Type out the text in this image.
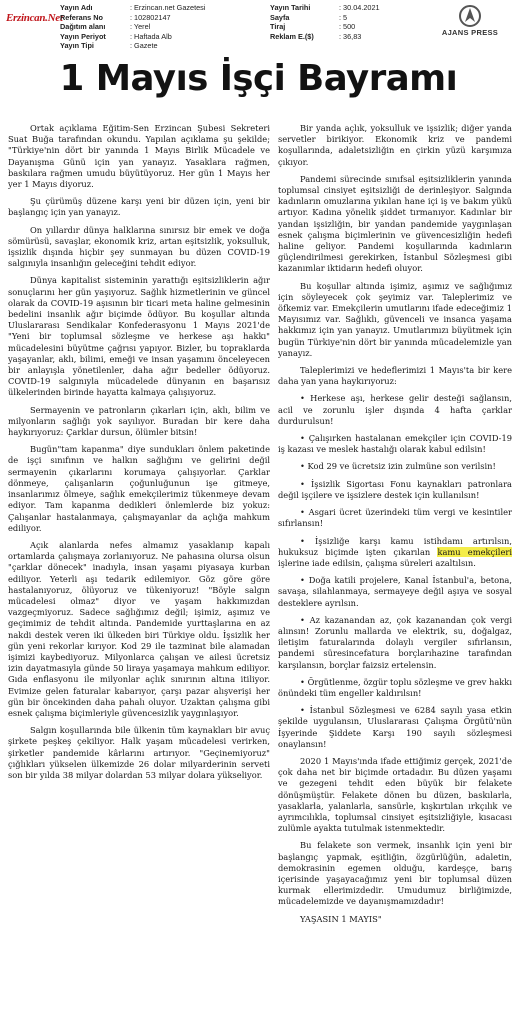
Erzincan.Net
Yayın Adı
Referans No
Dağıtım alanı
Yayın Periyot
Yayın Tipi
: Erzincan.net Gazetesi
: 102802147
: Yerel
: Haftada Alb
: Gazete
Yayın Tarihi
Sayfa
Tiraj
Reklam E.($)
: 30.04.2021
: 5
: 500
: 36,83	AJANS PRESS
1 Mayıs İşçi Bayramı

Ortak açıklama Eğitim-Sen Erzincan Şubesi Sekreteri Suat Buğa tarafından okundu. Yapılan açıklama şu şekilde; "Türkiye'nin dört bir yanında 1 Mayıs Birlik Mücadele ve Dayanışma Günü için yan yanayız. Yasaklara rağmen, baskılara rağmen umudu büyütüyoruz. Her gün 1 Mayıs her yer 1 Mayıs diyoruz.

Şu çürümüş düzene karşı yeni bir düzen için, yeni bir başlangıç için yan yanayız.

On yıllardır dünya halklarına sınırsız bir emek ve doğa sömürüsü, savaşlar, ekonomik kriz, artan eşitsizlik, yoksulluk, işsizlik dışında hiçbir şey sunmayan bu düzen COVID-19 salgınıyla insanlığın geleceğini tehdit ediyor.

Dünya kapitalist sisteminin yarattığı eşitsizliklerin ağır sonuçlarını her gün yaşıyoruz. Sağlık hizmetlerinin ve güncel olarak da COVID-19 aşısının bir ticari meta haline gelmesinin bedelini insanlık ağır biçimde ödüyor. Bu koşullar altında Uluslararası Sendikalar Konfederasyonu 1 Mayıs 2021'de "Yeni bir toplumsal sözleşme ve herkese aşı hakkı" mücadelesini büyütme çağrısı yapıyor. Bizler, bu topraklarda yaşayanlar, aklı, bilimi, emeği ve insan yaşamını önceleyecen bir anlayışla yönetilenler, daha ağır bedeller ödüyoruz. COVID-19 salgınıyla mücadelede dünyanın en başarısız ülkelerinden birinde hayatta kalmaya çalışıyoruz.

Sermayenin ve patronların çıkarları için, aklı, bilim ve milyonların sağlığı yok sayılıyor. Buradan bir kere daha haykırıyoruz: Çarklar dursun, ölümler bitsin!

Bugün"tam kapanma" diye sundukları önlem paketinde de işçi sınıfının ve halkın sağlığını ve gelirini değil sermayenin çıkarlarını korumaya çalışıyorlar. Çarklar dönmeye, çalışanların çoğunluğunun işe gitmeye, insanlarımız ölmeye, sağlık emekçilerimiz tükenmeye devam ediyor. Tam kapanma dedikleri önlemlerde biz yokuz: Çalışanlar hastalanmaya, çalışmayanlar da açlığa mahkum ediliyor.

Açık alanlarda nefes almamız yasaklanıp kapalı ortamlarda çalışmaya zorlanıyoruz. Ne pahasına olursa olsun "çarklar dönecek" inadıyla, insan yaşamı piyasaya kurban ediliyor. Yeterli aşı tedarik edilemiyor. Göz göre göre hastalanıyoruz, ölüyoruz ve tükeniyoruz! "Böyle salgın mücadelesi olmaz" diyor ve yaşam hakkımızdan vazgeçmiyoruz. Sadece sağlığımız değil; işimiz, aşımız ve geçimimiz de tehdit altında. Pandemide yurttaşlarına en az nakdi destek veren iki ülkeden biri Türkiye oldu. İşsizlik her gün yeni rekorlar kırıyor. Kod 29 ile tazminat bile alamadan işimizi kaybediyoruz. Milyonlarca çalışan ve ailesi ücretsiz izin dayatmasıyla günde 50 liraya yaşamaya mahkum ediliyor. Gıda enflasyonu ile milyonlar açlık sınırının altına itiliyor. Evimize gelen faturalar kabarıyor, çarşı pazar alışverişi her gün bir öncekinden daha pahalı oluyor. Uzaktan çalışma gibi esnek çalışma biçimleriyle güvencesizlik yaygınlaşıyor.

Salgın koşullarında bile ülkenin tüm kaynakları bir avuç şirkete peşkeş çekiliyor. Halk yaşam mücadelesi verirken, şirketler pandemide kârlarını artırıyor. "Geçinemiyoruz" çığlıkları yükselen ülkemizde 26 dolar milyarderinin serveti son bir yılda 38 milyar dolardan 53 milyar dolara yükseliyor.

Bir yanda açlık, yoksulluk ve işsizlik; diğer yanda servetler birikiyor. Ekonomik kriz ve pandemi koşullarında, adaletsizliğin en çirkin yüzü karşımıza çıkıyor.

Pandemi sürecinde sınıfsal eşitsizliklerin yanında toplumsal cinsiyet eşitsizliği de derinleşiyor. Salgında kadınların omuzlarına yıkılan hane içi iş ve bakım yükü artıyor. Kadına yönelik şiddet tırmanıyor. Kadınlar bir yandan işsizliğin, bir yandan pandemide yaygınlaşan esnek çalışma biçimlerinin ve güvencesizliğin hedefi haline geliyor. Pandemi koşullarında kadınların güçlendirilmesi gerekirken, İstanbul Sözleşmesi gibi kazanımlar iktidarın hedefi oluyor.

Bu koşullar altında işimiz, aşımız ve sağlığımız için söyleyecek çok şeyimiz var. Taleplerimiz ve öfkemiz var. Emekçilerin umutlarını ifade edeceğimiz 1 Mayısımız var. Sağlıklı, güvenceli ve insanca yaşama hakkımız için yan yanayız. Umutlarımızı büyütmek için bugün Türkiye'nin dört bir yanında mücadelemizle yan yanayız.

Taleplerimizi ve hedeflerimizi 1 Mayıs'ta bir kere daha yan yana haykırıyoruz:

• Herkese aşı, herkese gelir desteği sağlansın, acil ve zorunlu işler dışında 4 hafta çarklar durdurulsun!

• Çalışırken hastalanan emekçiler için COVID-19 iş kazası ve meslek hastalığı olarak kabul edilsin!

• Kod 29 ve ücretsiz izin zulmüne son verilsin!

• İşsizlik Sigortası Fonu kaynakları patronlara değil işçilere ve işsizlere destek için kullanılsın!

• Asgari ücret üzerindeki tüm vergi ve kesintiler sıfırlansın!

• İşsizliğe karşı kamu istihdamı artırılsın, hukuksuz biçimde işten çıkarılan kamu emekçileri işlerine iade edilsin, çalışma süreleri azaltılsın.

• Doğa katili projelere, Kanal İstanbul'a, betona, savaşa, silahlanmaya, sermayeye değil aşıya ve sosyal desteklere ayrılsın.

• Az kazanandan az, çok kazanandan çok vergi alınsın! Zorunlu mallarda ve elektrik, su, doğalgaz, iletişim faturalarında dolaylı vergiler sıfırlansın, pandemi süresincefatura borçlarıhazine tarafından karşılansın, borçlar faizsiz ertelensin.

• Örgütlenme, özgür toplu sözleşme ve grev hakkı önündeki tüm engeller kaldırılsın!

• İstanbul Sözleşmesi ve 6284 sayılı yasa etkin şekilde uygulansın, Uluslararası Çalışma Örgütü'nün İşyerinde Şiddete Karşı 190 sayılı sözleşmesi onaylansın!

2020 1 Mayıs'ında ifade ettiğimiz gerçek, 2021'de çok daha net bir biçimde ortadadır. Bu düzen yaşamı ve gezegeni tehdit eden büyük bir felakete dönüşmüştür. Felakete dönen bu düzen, baskılarla, yasaklarla, yalanlarla, sansürle, kışkırtılan ırkçılık ve ayrımcılıkla, toplumsal cinsiyet eşitsizliğiyle, kısacası zulümle ayakta tutulmak istenmektedir.

Bu felakete son vermek, insanlık için yeni bir başlangıç yapmak, eşitliğin, özgürlüğün, adaletin, demokrasinin egemen olduğu, kardeşçe, barış içerisinde yaşayacağımız yeni bir toplumsal düzen kurmak ellerimizdedir. Umudumuz birliğimizde, mücadelemizde ve dayanışmamızdadır!

YAŞASIN 1 MAYIS"
